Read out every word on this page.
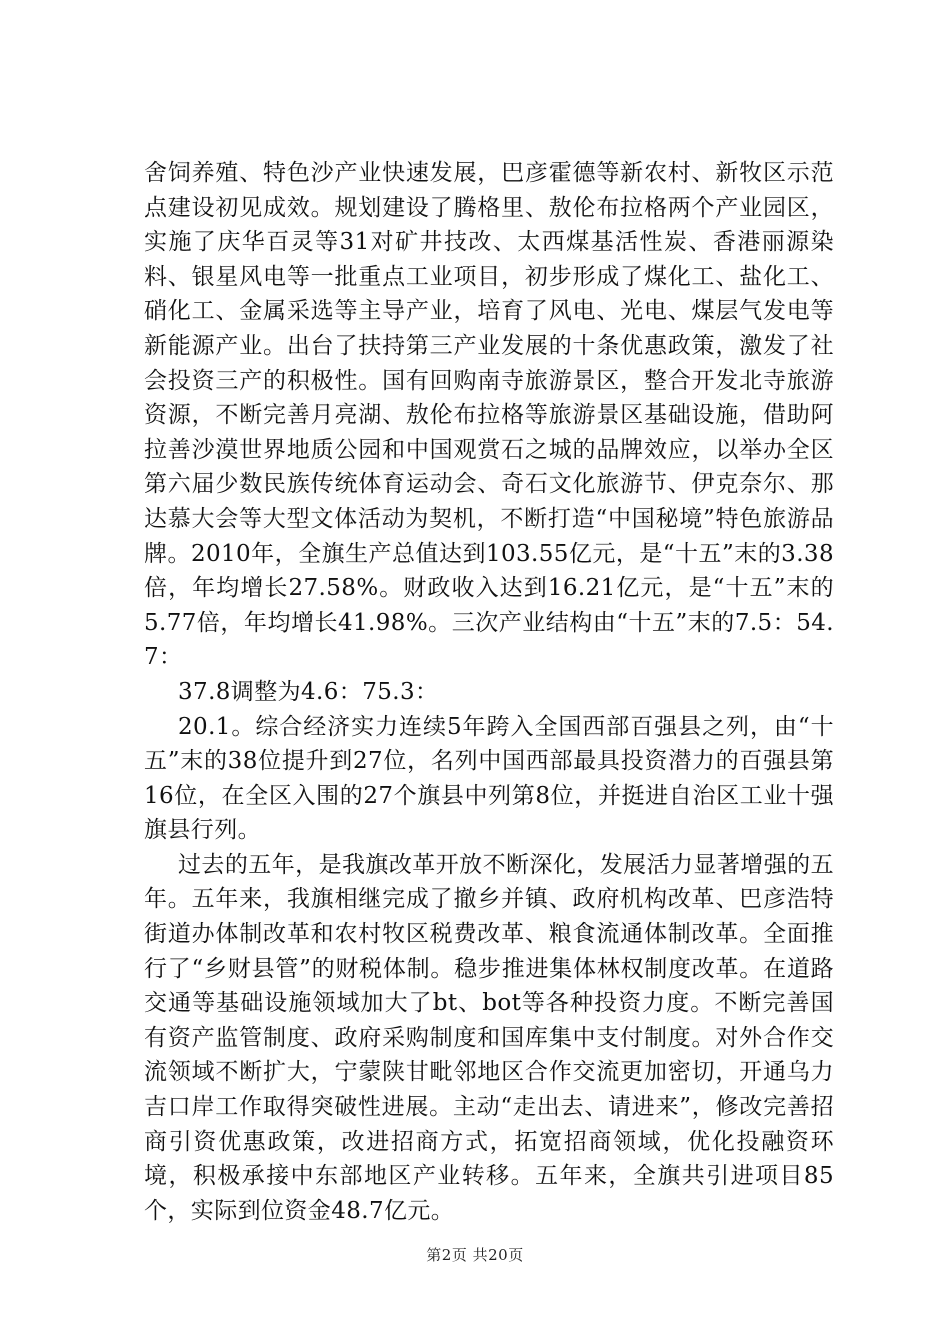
舍饲养殖、特色沙产业快速发展，巴彦霍德等新农村、新牧区示范点建设初见成效。规划建设了腾格里、敖伦布拉格两个产业园区，实施了庆华百灵等31对矿井技改、太西煤基活性炭、香港丽源染料、银星风电等一批重点工业项目，初步形成了煤化工、盐化工、硝化工、金属采选等主导产业，培育了风电、光电、煤层气发电等新能源产业。出台了扶持第三产业发展的十条优惠政策，激发了社会投资三产的积极性。国有回购南寺旅游景区，整合开发北寺旅游资源，不断完善月亮湖、敖伦布拉格等旅游景区基础设施，借助阿拉善沙漠世界地质公园和中国观赏石之城的品牌效应，以举办全区第六届少数民族传统体育运动会、奇石文化旅游节、伊克奈尔、那达慕大会等大型文体活动为契机，不断打造“中国秘境”特色旅游品牌。2010年，全旗生产总值达到103.55亿元，是“十五”末的3.38倍，年均增长27.58%。财政收入达到16.21亿元，是“十五”末的5.77倍，年均增长41.98%。三次产业结构由“十五”末的7.5：54.7：

37.8调整为4.6：75.3：

20.1。综合经济实力连续5年跨入全国西部百强县之列，由“十五”末的38位提升到27位，名列中国西部最具投资潜力的百强县第16位，在全区入围的27个旗县中列第8位，并挺进自治区工业十强旗县行列。

过去的五年，是我旗改革开放不断深化，发展活力显著增强的五年。五年来，我旗相继完成了撤乡并镇、政府机构改革、巴彦浩特街道办体制改革和农村牧区税费改革、粮食流通体制改革。全面推行了“乡财县管”的财税体制。稳步推进集体林权制度改革。在道路交通等基础设施领域加大了bt、bot等各种投资力度。不断完善国有资产监管制度、政府采购制度和国库集中支付制度。对外合作交流领域不断扩大，宁蒙陕甘毗邻地区合作交流更加密切，开通乌力吉口岸工作取得突破性进展。主动“走出去、请进来”，修改完善招商引资优惠政策，改进招商方式，拓宽招商领域，优化投融资环境，积极承接中东部地区产业转移。五年来，全旗共引进项目85个，实际到位资金48.7亿元。

第2页 共20页
